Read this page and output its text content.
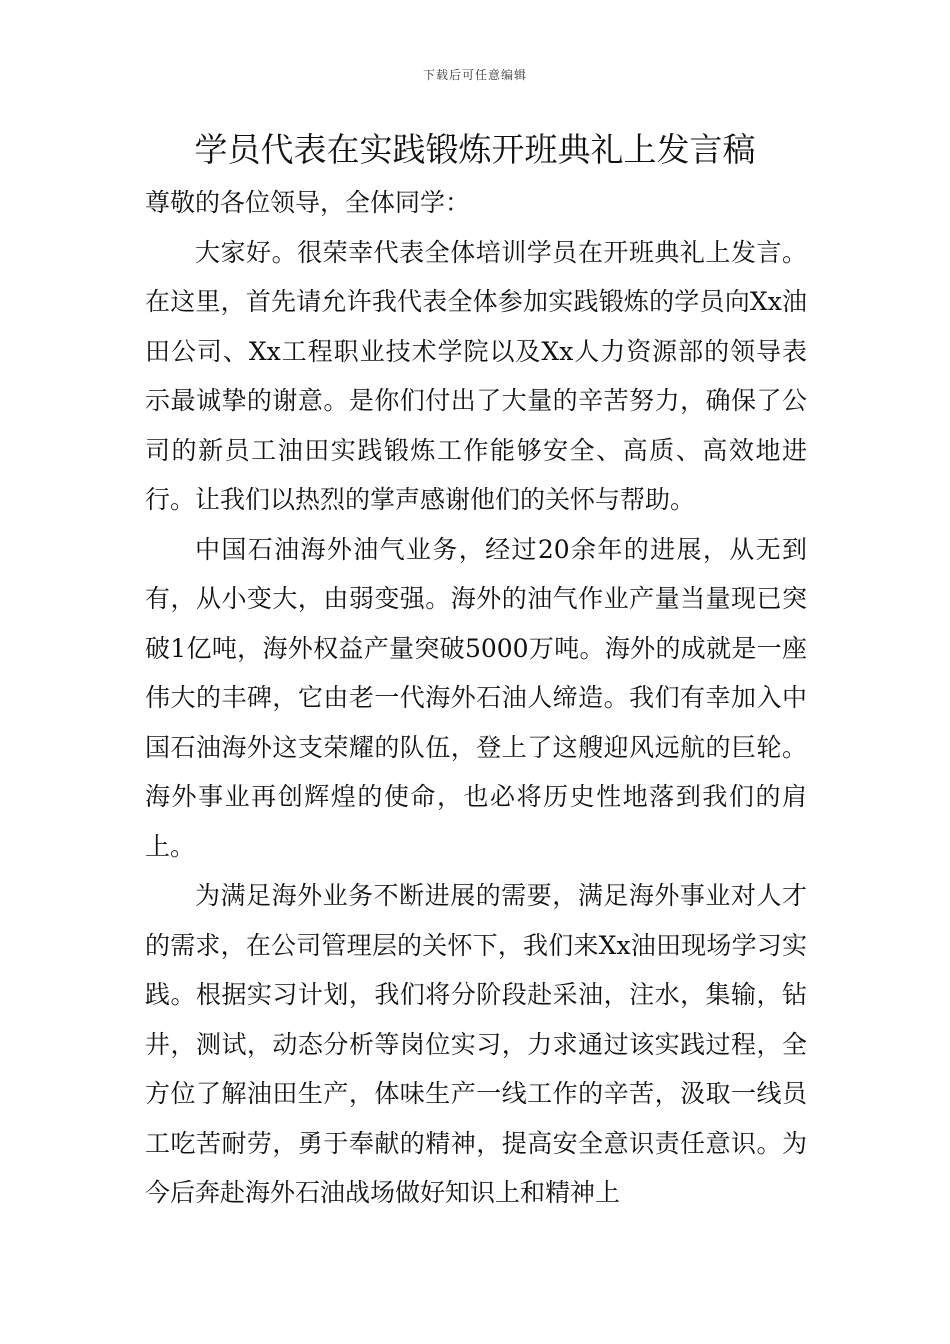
下载后可任意编辑
学员代表在实践锻炼开班典礼上发言稿

尊敬的各位领导，全体同学：

大家好。很荣幸代表全体培训学员在开班典礼上发言。在这里，首先请允许我代表全体参加实践锻炼的学员向Xx油田公司、Xx工程职业技术学院以及Xx人力资源部的领导表示最诚挚的谢意。是你们付出了大量的辛苦努力，确保了公司的新员工油田实践锻炼工作能够安全、高质、高效地进行。让我们以热烈的掌声感谢他们的关怀与帮助。

中国石油海外油气业务，经过20余年的进展，从无到有，从小变大，由弱变强。海外的油气作业产量当量现已突破1亿吨，海外权益产量突破5000万吨。海外的成就是一座伟大的丰碑，它由老一代海外石油人缔造。我们有幸加入中国石油海外这支荣耀的队伍，登上了这艘迎风远航的巨轮。海外事业再创辉煌的使命，也必将历史性地落到我们的肩上。

为满足海外业务不断进展的需要，满足海外事业对人才的需求，在公司管理层的关怀下，我们来Xx油田现场学习实践。根据实习计划，我们将分阶段赴采油，注水，集输，钻井，测试，动态分析等岗位实习，力求通过该实践过程，全方位了解油田生产，体味生产一线工作的辛苦，汲取一线员工吃苦耐劳，勇于奉献的精神，提高安全意识责任意识。为今后奔赴海外石油战场做好知识上和精神上
